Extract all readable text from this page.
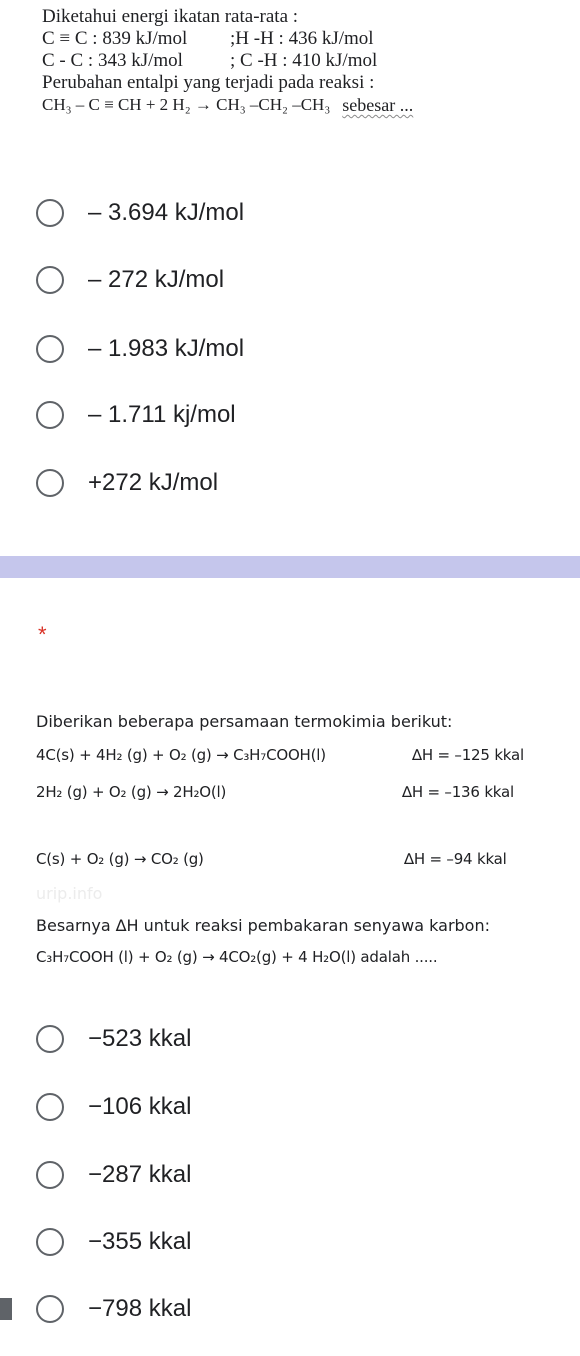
Diketahui energi ikatan rata-rata :
C ≡ C : 839 kJ/mol	;H -H : 436 kJ/mol
C - C : 343 kJ/mol	; C -H : 410 kJ/mol
Perubahan entalpi yang terjadi pada reaksi :
CH₃ – C ≡ CH + 2 H₂ → CH₃ –CH₂ –CH₃ sebesar ...
– 3.694 kJ/mol
– 272 kJ/mol
– 1.983 kJ/mol
– 1.711 kj/mol
+272 kJ/mol
*
Diberikan beberapa persamaan termokimia berikut:
4C(s) + 4H₂ (g) + O₂ (g) → C₃H₇COOH(l)	∆H = –125 kkal
2H₂ (g) + O₂ (g) → 2H₂O(l)	∆H = –136 kkal
C(s) + O₂ (g) → CO₂ (g)	∆H = –94 kkal
urip.info
Besarnya ∆H untuk reaksi pembakaran senyawa karbon:
C₃H₇COOH (l) + O₂ (g) → 4CO₂(g) + 4 H₂O(l) adalah .....
−523 kkal
−106 kkal
−287 kkal
−355 kkal
−798 kkal
